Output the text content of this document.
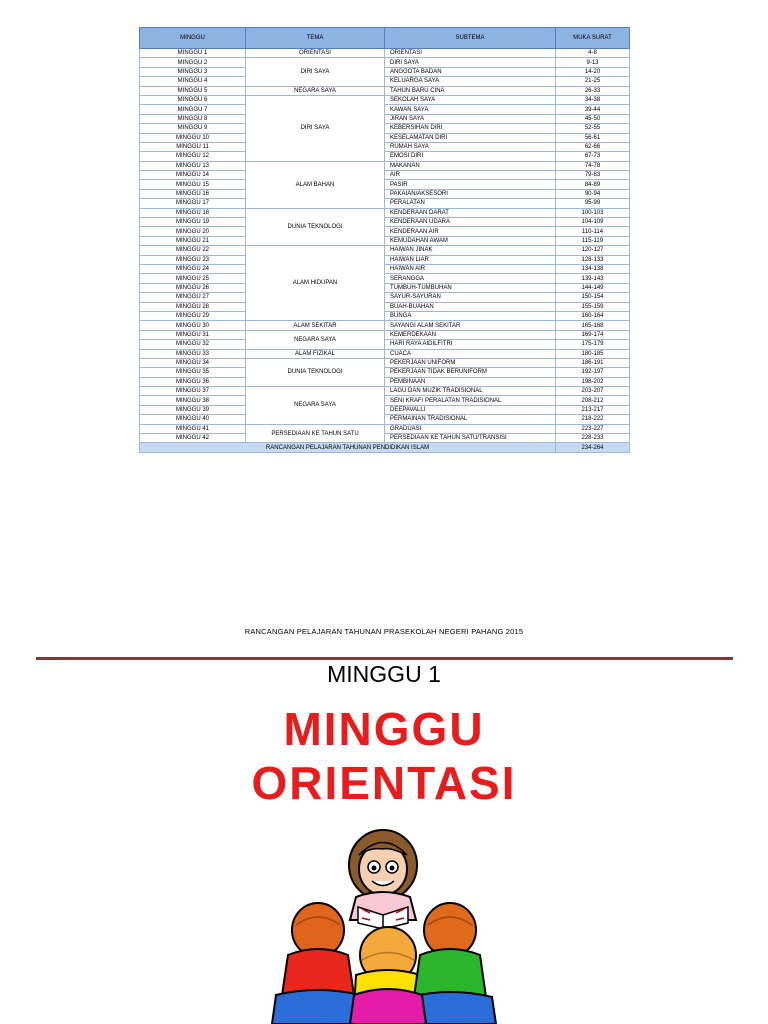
MINGGU	TEMA	SUBTEMA	MUKA SURAT
MINGGU 1	ORIENTASI	ORIENTASI	4-8
MINGGU 2	DIRI SAYA	DIRI SAYA	9-13
MINGGU 3		ANGGOTA BADAN	14-20
MINGGU 4		KELUARGA SAYA	21-25
MINGGU 5	NEGARA SAYA	TAHUN BARU CINA	26-33
MINGGU 6	DIRI SAYA	SEKOLAH SAYA	34-38
MINGGU 7		KAWAN SAYA	39-44
MINGGU 8		JIRAN SAYA	45-50
MINGGU 9		KEBERSIHAN DIRI	52-55
MINGGU 10		KESELAMATAN DIRI	56-61
MINGGU 11		RUMAH SAYA	62-66
MINGGU 12		EMOSI DIRI	67-73
MINGGU 13	ALAM BAHAN	MAKANAN	74-78
MINGGU 14		AIR	79-83
MINGGU 15		PASIR	84-89
MINGGU 16		PAKAIAN/AKSESORI	90-94
MINGGU 17		PERALATAN	95-99
MINGGU 18	DUNIA TEKNOLOGI	KENDERAAN DARAT	100-103
MINGGU 19		KENDERAAN UDARA	104-109
MINGGU 20		KENDERAAN AIR	110-114
MINGGU 21		KEMUDAHAN AWAM	115-119
MINGGU 22	ALAM HIDUPAN	HAIWAN JINAK	120-127
MINGGU 23		HAIWAN LIAR	128-133
MINGGU 24		HAIWAN AIR	134-138
MINGGU 25		SERANGGA	139-143
MINGGU 26		TUMBUH-TUMBUHAN	144-149
MINGGU 27		SAYUR-SAYURAN	150-154
MINGGU 28		BUAH-BUAHAN	155-159
MINGGU 29		BUNGA	160-164
MINGGU 30	ALAM SEKITAR	SAYANGI ALAM SEKITAR	165-168
MINGGU 31	NEGARA SAYA	KEMERDEKAAN	169-174
MINGGU 32		HARI RAYA AIDILFITRI	175-179
MINGGU 33	ALAM FIZIKAL	CUACA	180-185
MINGGU 34	DUNIA TEKNOLOGI	PEKERJAAN UNIFORM	186-191
MINGGU 35		PEKERJAAN TIDAK BERUNIFORM	192-197
MINGGU 36		PEMBINAAN	198-202
MINGGU 37	NEGARA SAYA	LAGU DAN MUZIK TRADISIONAL	203-207
MINGGU 38		SENI KRAF/ PERALATAN TRADISIONAL	208-212
MINGGU 39		DEEPAVALLI	213-217
MINGGU 40		PERMAINAN TRADISIONAL	218-222
MINGGU 41	PERSEDIAAN KE TAHUN SATU	GRADUASI	223-227
MINGGU 42		PERSEDIAAN KE TAHUN SATU/TRANSISI	228-233
RANCANGAN PELAJARAN TAHUNAN PENDIDIKAN ISLAM			234-264
RANCANGAN PELAJARAN TAHUNAN PRASEKOLAH NEGERI PAHANG 2015
MINGGU 1
MINGGU
ORIENTASI
